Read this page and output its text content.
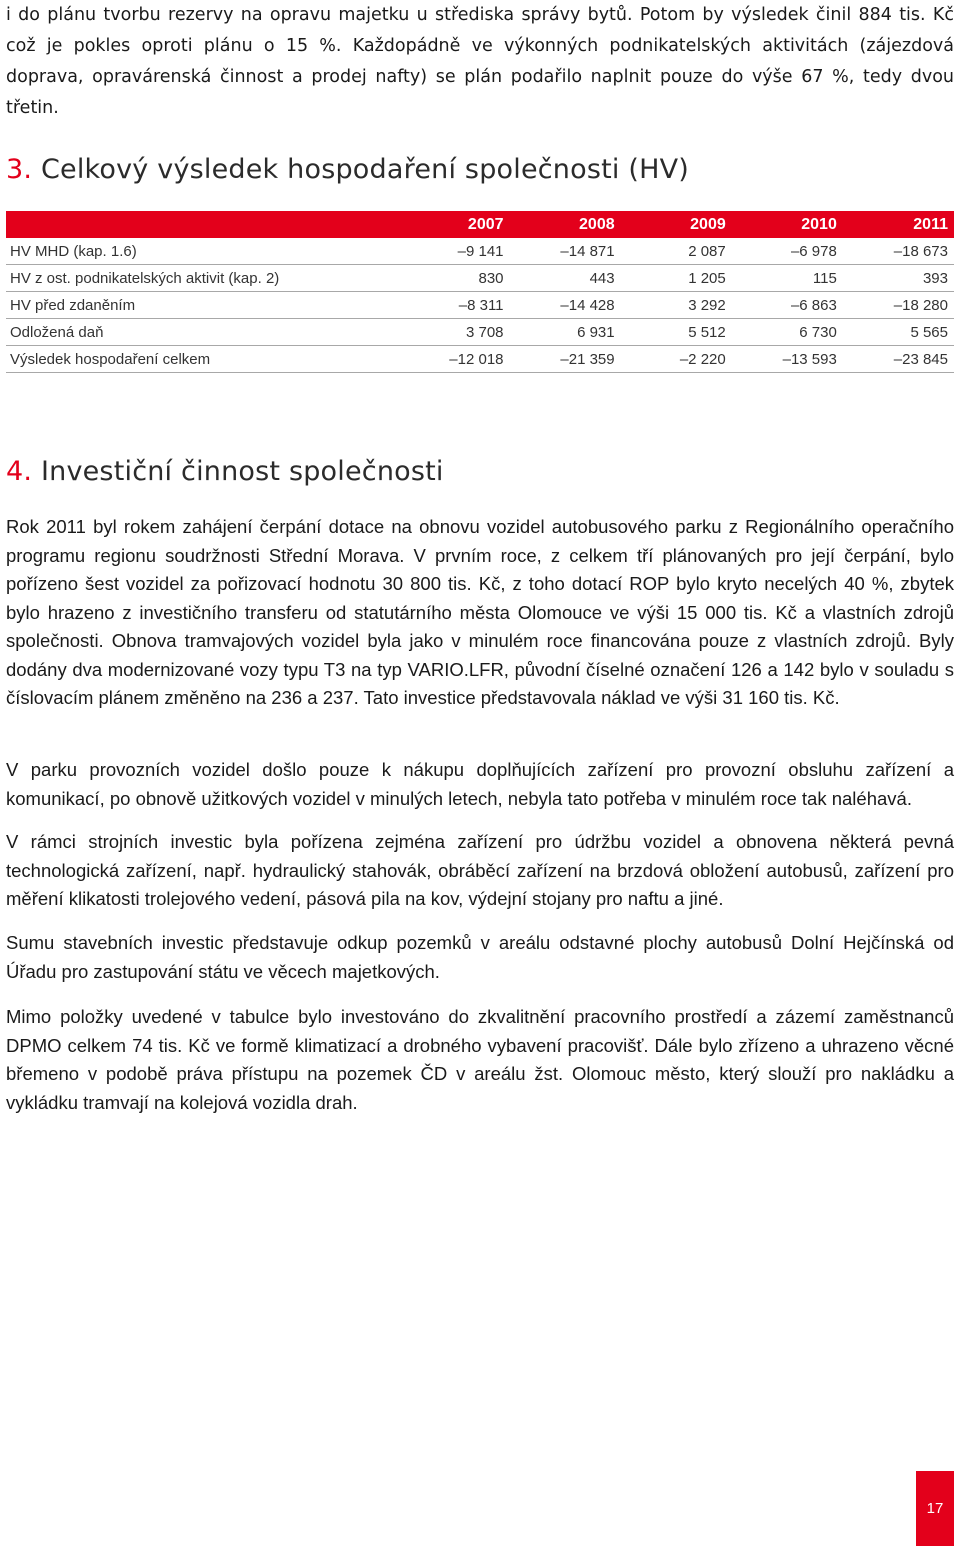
i do plánu tvorbu rezervy na opravu majetku u střediska správy bytů. Potom by výsledek činil 884 tis. Kč což je pokles oproti plánu o 15 %. Každopádně ve výkonných podnikatelských aktivitách (zájezdová doprava, opravárenská činnost a prodej nafty) se plán podařilo naplnit pouze do výše 67 %, tedy dvou třetin.

3. Celkový výsledek hospodaření společnosti (HV)
	2007	2008	2009	2010	2011
HV MHD (kap. 1.6)	–9 141	–14 871	2 087	–6 978	–18 673
HV z ost. podnikatelských aktivit (kap. 2)	830	443	1 205	115	393
HV před zdaněním	–8 311	–14 428	3 292	–6 863	–18 280
Odložená daň	3 708	6 931	5 512	6 730	5 565
Výsledek hospodaření celkem	–12 018	–21 359	–2 220	–13 593	–23 845
4. Investiční činnost společnosti

Rok 2011 byl rokem zahájení čerpání dotace na obnovu vozidel autobusového parku z Regionálního operačního programu regionu soudržnosti Střední Morava. V prvním roce, z celkem tří plánovaných pro její čerpání, bylo pořízeno šest vozidel za pořizovací hodnotu 30 800 tis. Kč, z toho dotací ROP bylo kryto necelých 40 %, zbytek bylo hrazeno z investičního transferu od statutárního města Olomouce ve výši 15 000 tis. Kč a vlastních zdrojů společnosti. Obnova tramvajových vozidel byla jako v minulém roce financována pouze z vlastních zdrojů. Byly dodány dva modernizované vozy typu T3 na typ VARIO.LFR, původní číselné označení 126 a 142 bylo v souladu s číslovacím plánem změněno na 236 a 237. Tato investice představovala náklad ve výši 31 160 tis. Kč.

V parku provozních vozidel došlo pouze k nákupu doplňujících zařízení pro provozní obsluhu zařízení a komunikací, po obnově užitkových vozidel v minulých letech, nebyla tato potřeba v minulém roce tak naléhavá.

V rámci strojních investic byla pořízena zejména zařízení pro údržbu vozidel a obnovena některá pevná technologická zařízení, např. hydraulický stahovák, obráběcí zařízení na brzdová obložení autobusů, zařízení pro měření klikatosti trolejového vedení, pásová pila na kov, výdejní stojany pro naftu a jiné.

Sumu stavebních investic představuje odkup pozemků v areálu odstavné plochy autobusů Dolní Hejčínská od Úřadu pro zastupování státu ve věcech majetkových.

Mimo položky uvedené v tabulce bylo investováno do zkvalitnění pracovního prostředí a zázemí zaměstnanců DPMO celkem 74 tis. Kč ve formě klimatizací a drobného vybavení pracovišť. Dále bylo zřízeno a uhrazeno věcné břemeno v podobě práva přístupu na pozemek ČD v areálu žst. Olomouc město, který slouží pro nakládku a vykládku tramvají na kolejová vozidla drah.

17
